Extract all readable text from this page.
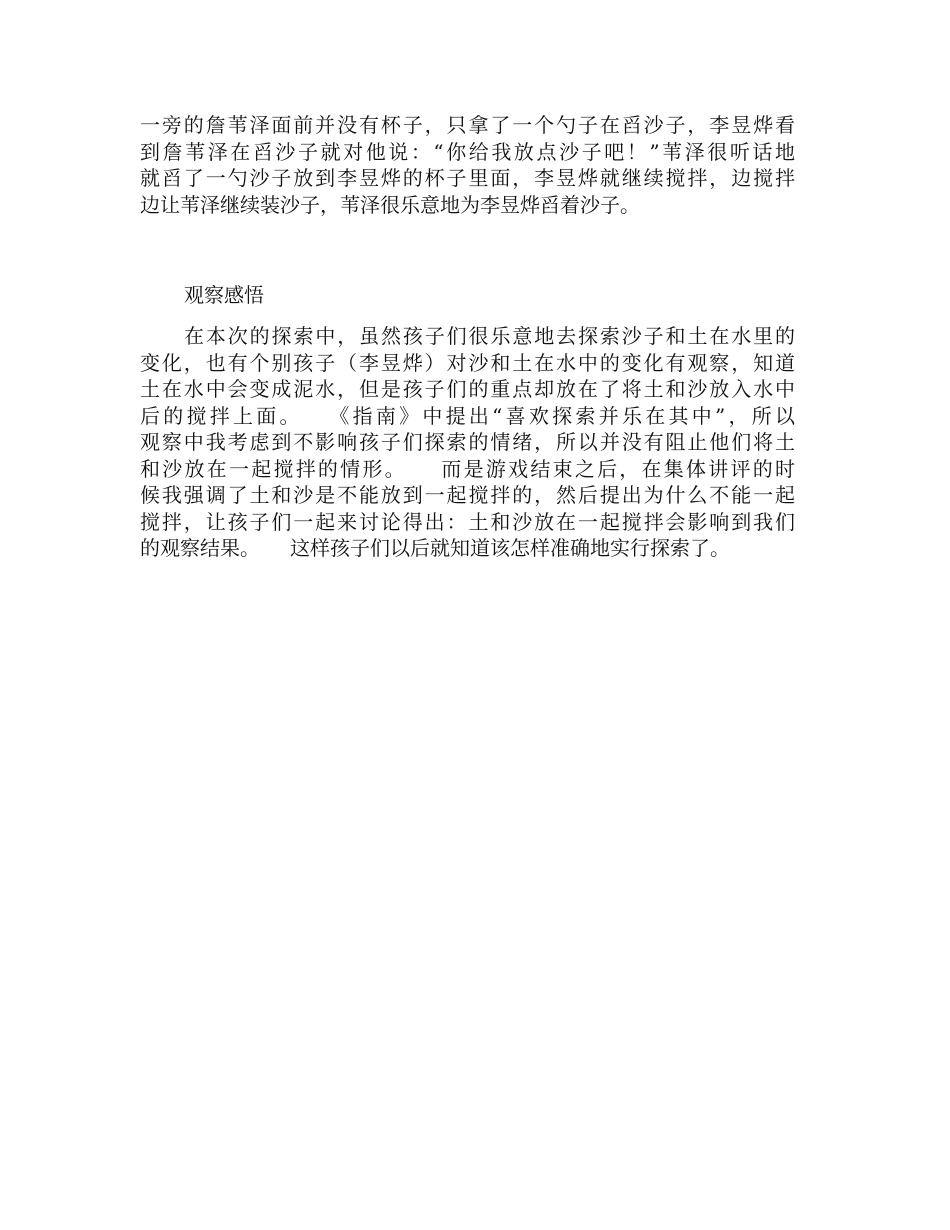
一旁的詹苇泽面前并没有杯子，只拿了一个勺子在舀沙子，李昱烨看
到詹苇泽在舀沙子就对他说：“你给我放点沙子吧！”苇泽很听话地
就舀了一勺沙子放到李昱烨的杯子里面，李昱烨就继续搅拌，边搅拌
边让苇泽继续装沙子，苇泽很乐意地为李昱烨舀着沙子。
观察感悟
在本次的探索中，虽然孩子们很乐意地去探索沙子和土在水里的
变化，也有个别孩子（李昱烨）对沙和土在水中的变化有观察，知道
土在水中会变成泥水，但是孩子们的重点却放在了将土和沙放入水中
后的搅拌上面。　　《指南》中提出“喜欢探索并乐在其中”，所以
观察中我考虑到不影响孩子们探索的情绪，所以并没有阻止他们将土
和沙放在一起搅拌的情形。　　而是游戏结束之后，在集体讲评的时
候我强调了土和沙是不能放到一起搅拌的，然后提出为什么不能一起
搅拌，让孩子们一起来讨论得出：土和沙放在一起搅拌会影响到我们
的观察结果。　　这样孩子们以后就知道该怎样准确地实行探索了。
